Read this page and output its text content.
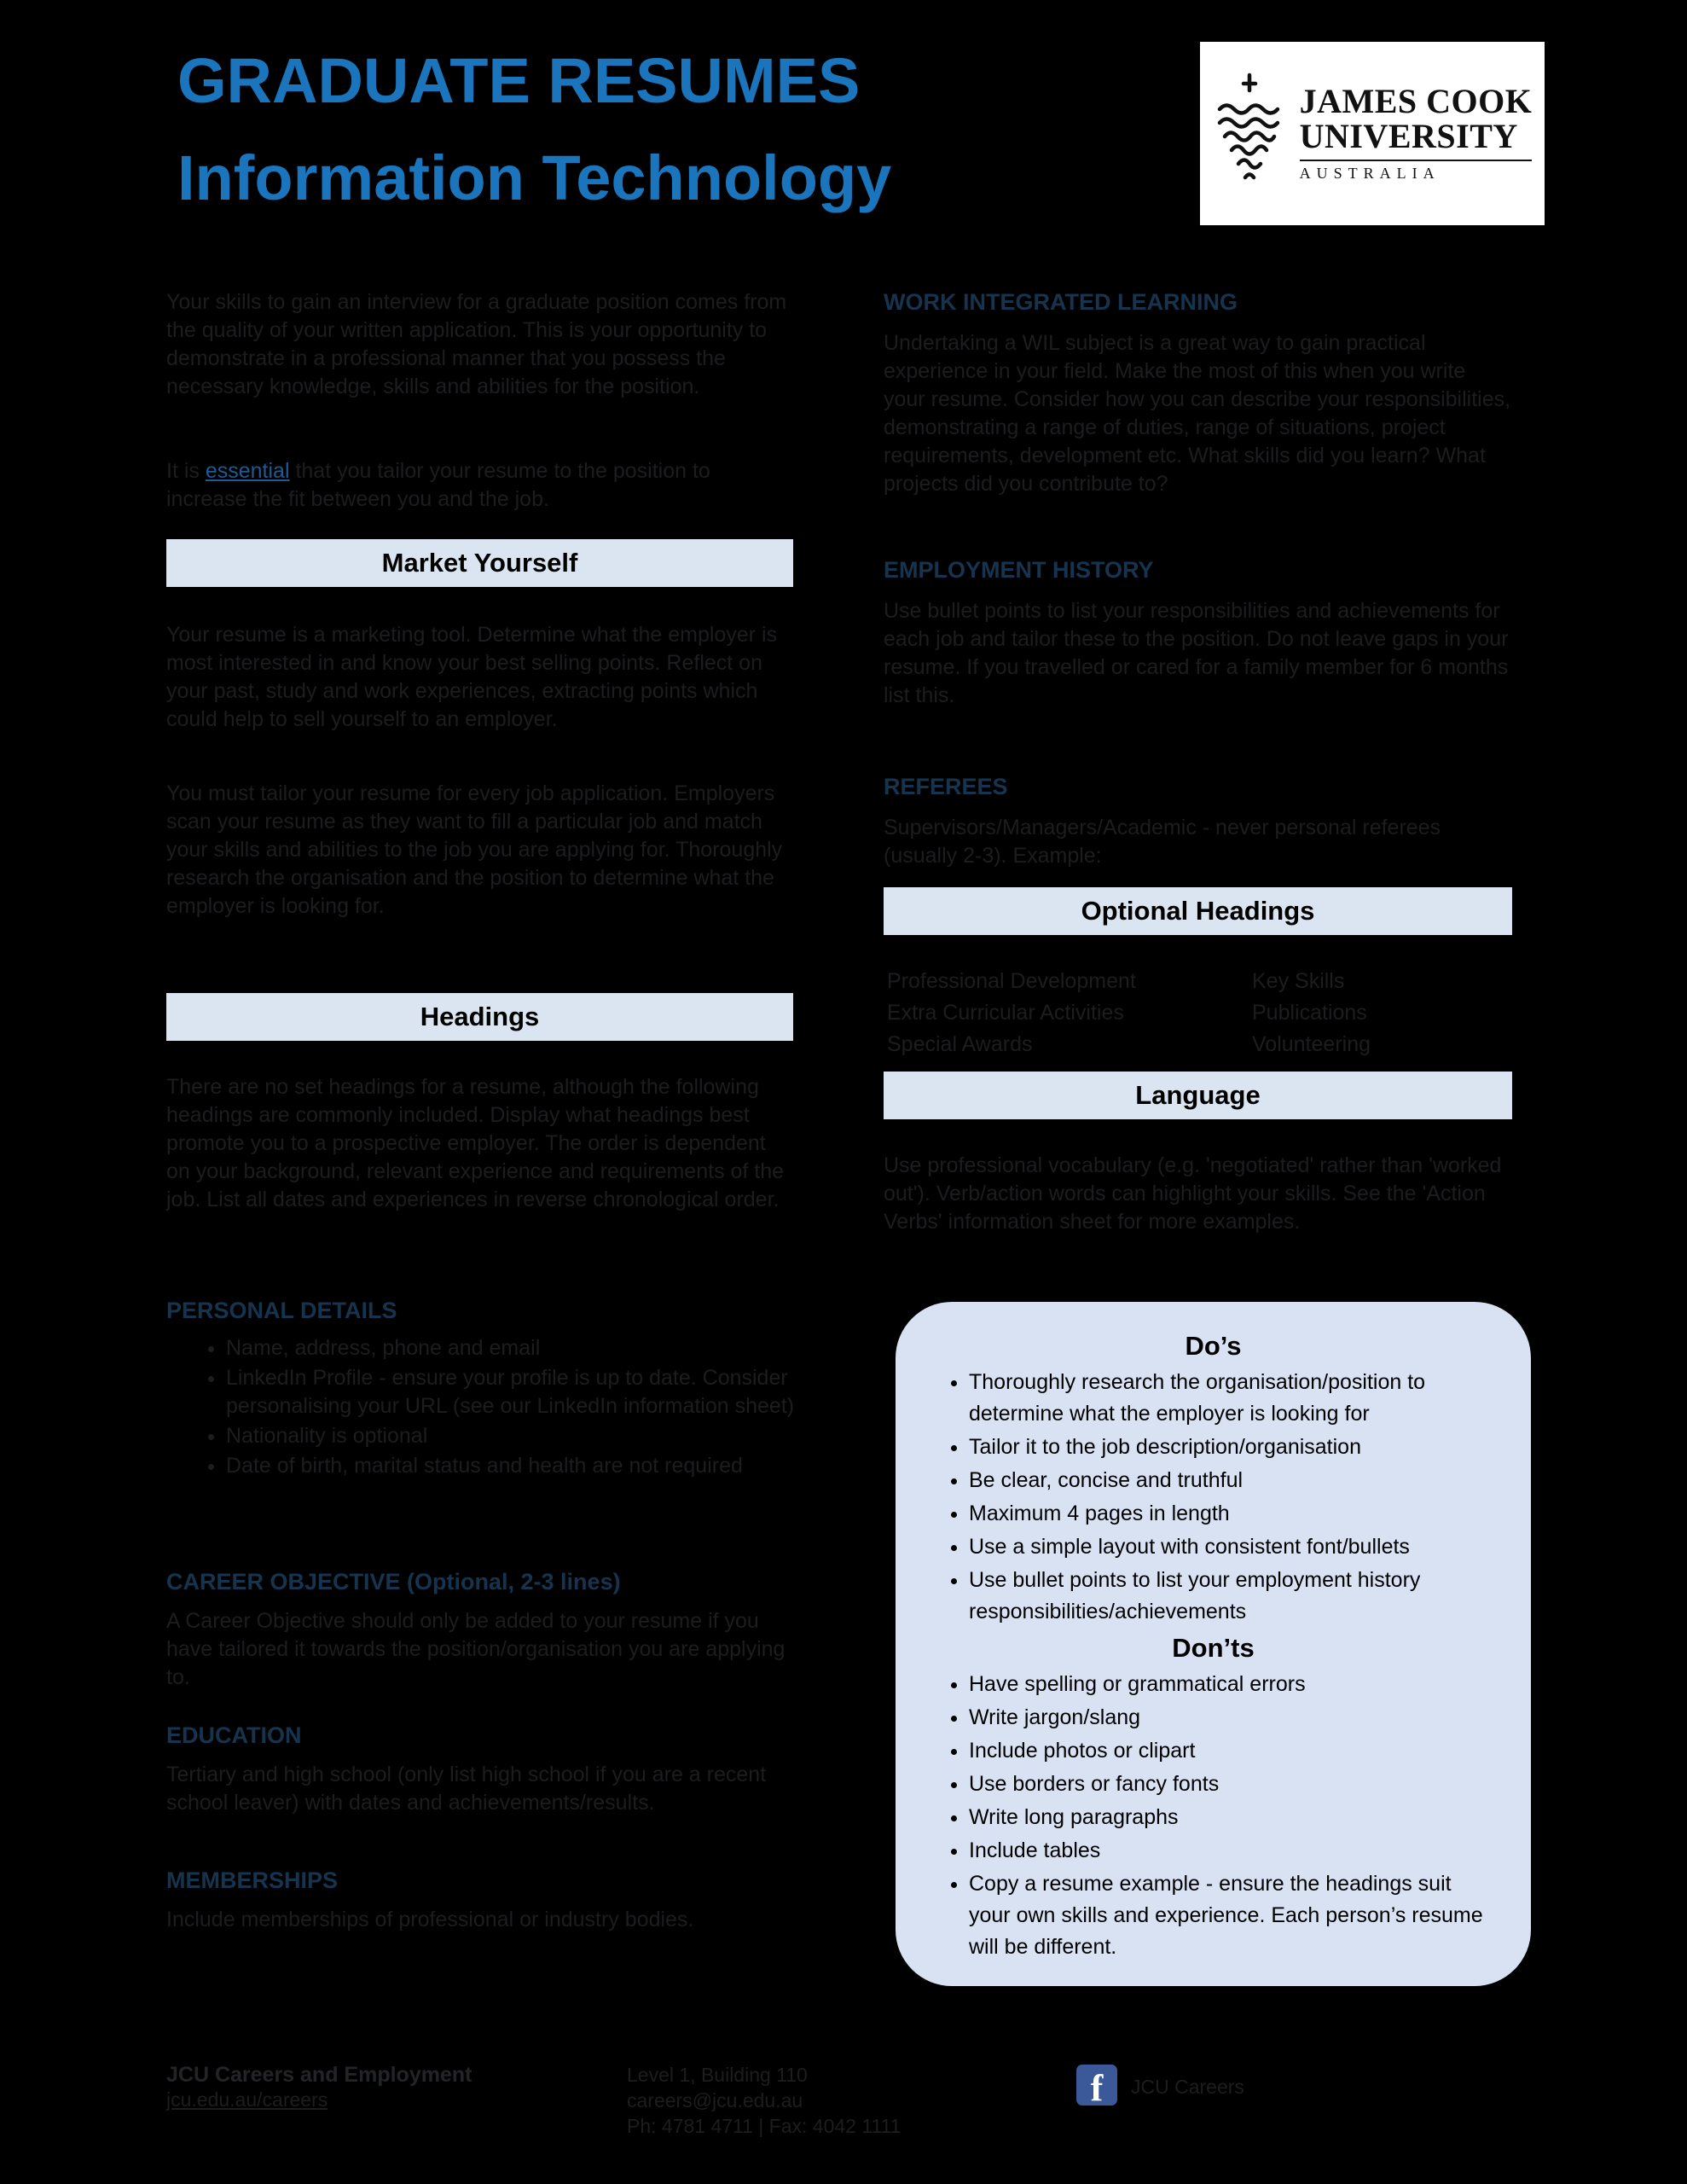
GRADUATE RESUMES
Information Technology
JAMES COOK
UNIVERSITY
AUSTRALIA
Your skills to gain an interview for a graduate position comes from the quality of your written application. This is your opportunity to demonstrate in a professional manner that you possess the necessary knowledge, skills and abilities for the position.
It is essential that you tailor your resume to the position to increase the fit between you and the job.
Market Yourself
Your resume is a marketing tool. Determine what the employer is most interested in and know your best selling points. Reflect on your past, study and work experiences, extracting points which could help to sell yourself to an employer.
You must tailor your resume for every job application. Employers scan your resume as they want to fill a particular job and match your skills and abilities to the job you are applying for. Thoroughly research the organisation and the position to determine what the employer is looking for.
Headings
There are no set headings for a resume, although the following headings are commonly included. Display what headings best promote you to a prospective employer. The order is dependent on your background, relevant experience and requirements of the job. List all dates and experiences in reverse chronological order.
PERSONAL DETAILS
• Name, address, phone and email
• LinkedIn Profile - ensure your profile is up to date. Consider personalising your URL (see our LinkedIn information sheet)
• Nationality is optional
• Date of birth, marital status and health are not required
CAREER OBJECTIVE (Optional, 2-3 lines)
A Career Objective should only be added to your resume if you have tailored it towards the position/organisation you are applying to.
EDUCATION
Tertiary and high school (only list high school if you are a recent school leaver) with dates and achievements/results.
MEMBERSHIPS
Include memberships of professional or industry bodies.
WORK INTEGRATED LEARNING
Undertaking a WIL subject is a great way to gain practical experience in your field. Make the most of this when you write your resume. Consider how you can describe your responsibilities, demonstrating a range of duties, range of situations, project requirements, development etc. What skills did you learn? What projects did you contribute to?
EMPLOYMENT HISTORY
Use bullet points to list your responsibilities and achievements for each job and tailor these to the position. Do not leave gaps in your resume. If you travelled or cared for a family member for 6 months list this.
REFEREES
Supervisors/Managers/Academic - never personal referees (usually 2-3). Example:
Optional Headings
Professional Development
Extra Curricular Activities
Special Awards
Key Skills
Publications
Volunteering
Language
Use professional vocabulary (e.g. 'negotiated' rather than 'worked out'). Verb/action words can highlight your skills. See the 'Action Verbs' information sheet for more examples.
Do’s
• Thoroughly research the organisation/position to determine what the employer is looking for
• Tailor it to the job description/organisation
• Be clear, concise and truthful
• Maximum 4 pages in length
• Use a simple layout with consistent font/bullets
• Use bullet points to list your employment history responsibilities/achievements
Don’ts
• Have spelling or grammatical errors
• Write jargon/slang
• Include photos or clipart
• Use borders or fancy fonts
• Write long paragraphs
• Include tables
• Copy a resume example - ensure the headings suit your own skills and experience. Each person’s resume will be different.
JCU Careers and Employment
jcu.edu.au/careers
Level 1, Building 110
careers@jcu.edu.au
Ph: 4781 4711 | Fax: 4042 1111
f JCU Careers
